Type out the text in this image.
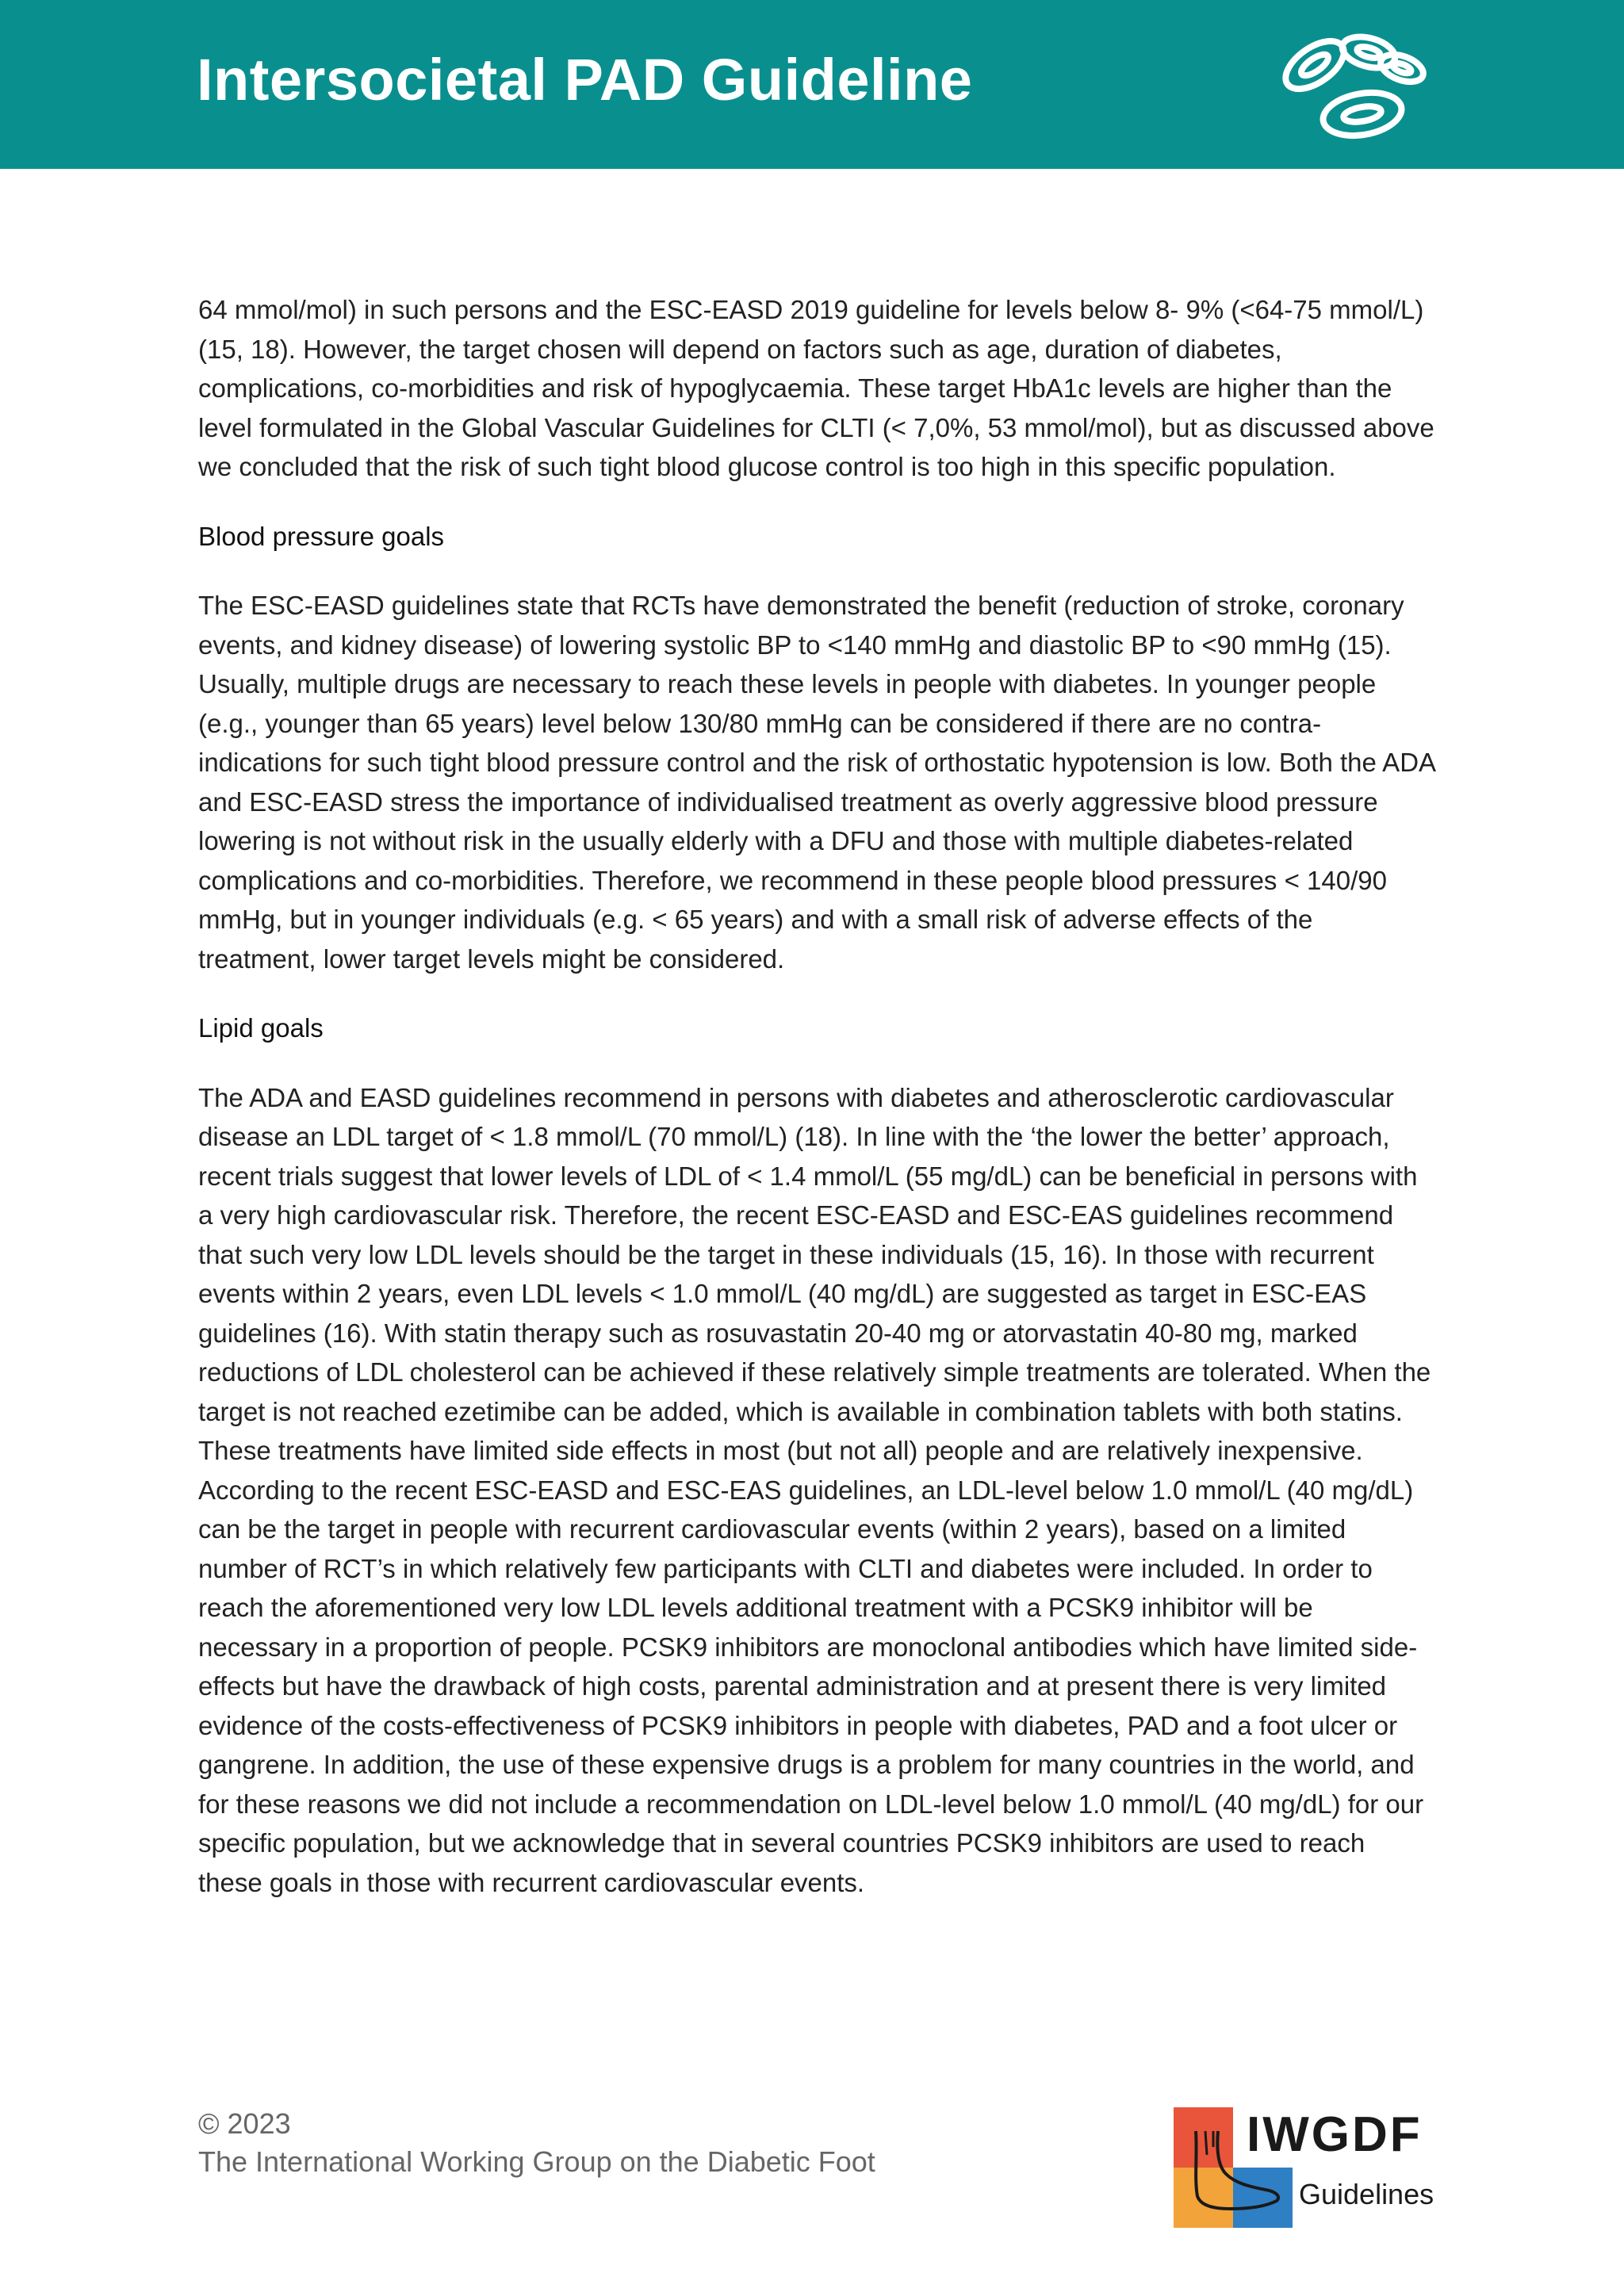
Intersocietal PAD Guideline

64 mmol/mol) in such persons and the ESC-EASD 2019 guideline for levels below 8- 9% (<64-75 mmol/L) (15, 18). However, the target chosen will depend on factors such as age, duration of diabetes, complications, co-morbidities and risk of hypoglycaemia. These target HbA1c levels are higher than the level formulated in the Global Vascular Guidelines for CLTI (< 7,0%, 53 mmol/mol), but as discussed above we concluded that the risk of such tight blood glucose control is too high in this specific population.

Blood pressure goals

The ESC-EASD guidelines state that RCTs have demonstrated the benefit (reduction of stroke, coronary events, and kidney disease) of lowering systolic BP to <140 mmHg and diastolic BP to <90 mmHg (15). Usually, multiple drugs are necessary to reach these levels in people with diabetes. In younger people (e.g., younger than 65 years) level below 130/80 mmHg can be considered if there are no contra-indications for such tight blood pressure control and the risk of orthostatic hypotension is low. Both the ADA and ESC-EASD stress the importance of individualised treatment as overly aggressive blood pressure lowering is not without risk in the usually elderly with a DFU and those with multiple diabetes-related complications and co-morbidities. Therefore, we recommend in these people blood pressures < 140/90 mmHg, but in younger individuals (e.g. < 65 years) and with a small risk of adverse effects of the treatment, lower target levels might be considered.

Lipid goals

The ADA and EASD guidelines recommend in persons with diabetes and atherosclerotic cardiovascular disease an LDL target of < 1.8 mmol/L (70 mmol/L) (18). In line with the ‘the lower the better’ approach, recent trials suggest that lower levels of LDL of < 1.4 mmol/L (55 mg/dL) can be beneficial in persons with a very high cardiovascular risk. Therefore, the recent ESC-EASD and ESC-EAS guidelines recommend that such very low LDL levels should be the target in these individuals (15, 16). In those with recurrent events within 2 years, even LDL levels < 1.0 mmol/L (40 mg/dL) are suggested as target in ESC-EAS guidelines (16). With statin therapy such as rosuvastatin 20-40 mg or atorvastatin 40-80 mg, marked reductions of LDL cholesterol can be achieved if these relatively simple treatments are tolerated. When the target is not reached ezetimibe can be added, which is available in combination tablets with both statins. These treatments have limited side effects in most (but not all) people and are relatively inexpensive. According to the recent ESC-EASD and ESC-EAS guidelines, an LDL-level below 1.0 mmol/L (40 mg/dL) can be the target in people with recurrent cardiovascular events (within 2 years), based on a limited number of RCT’s in which relatively few participants with CLTI and diabetes were included. In order to reach the aforementioned very low LDL levels additional treatment with a PCSK9 inhibitor will be necessary in a proportion of people. PCSK9 inhibitors are monoclonal antibodies which have limited side-effects but have the drawback of high costs, parental administration and at present there is very limited evidence of the costs-effectiveness of PCSK9 inhibitors in people with diabetes, PAD and a foot ulcer or gangrene. In addition, the use of these expensive drugs is a problem for many countries in the world, and for these reasons we did not include a recommendation on LDL-level below 1.0 mmol/L (40 mg/dL) for our specific population, but we acknowledge that in several countries PCSK9 inhibitors are used to reach these goals in those with recurrent cardiovascular events.

© 2023
The International Working Group on the Diabetic Foot	IWGDF
Guidelines
